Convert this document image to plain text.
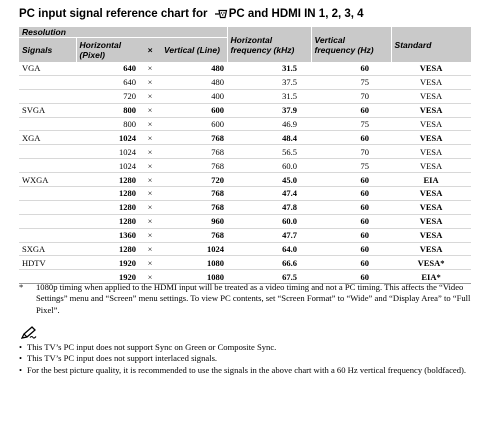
PC input signal reference chart for PC and HDMI IN 1, 2, 3, 4
Resolution				Horizontal frequency (kHz)	Vertical frequency (Hz)	Standard
Signals	Horizontal (Pixel)	×	Vertical (Line)			
VGA	640	×	480	31.5	60	VESA
	640	×	480	37.5	75	VESA
	720	×	400	31.5	70	VESA
SVGA	800	×	600	37.9	60	VESA
	800	×	600	46.9	75	VESA
XGA	1024	×	768	48.4	60	VESA
	1024	×	768	56.5	70	VESA
	1024	×	768	60.0	75	VESA
WXGA	1280	×	720	45.0	60	EIA
	1280	×	768	47.4	60	VESA
	1280	×	768	47.8	60	VESA
	1280	×	960	60.0	60	VESA
	1360	×	768	47.7	60	VESA
SXGA	1280	×	1024	64.0	60	VESA
HDTV	1920	×	1080	66.6	60	VESA*
	1920	×	1080	67.5	60	EIA*
* 1080p timing when applied to the HDMI input will be treated as a video timing and not a PC timing. This affects the “Video Settings” menu and “Screen” menu settings. To view PC contents, set “Screen Format” to “Wide” and “Display Area” to “Full Pixel”.
• This TV’s PC input does not support Sync on Green or Composite Sync.
• This TV’s PC input does not support interlaced signals.
• For the best picture quality, it is recommended to use the signals in the above chart with a 60 Hz vertical frequency (boldfaced).
